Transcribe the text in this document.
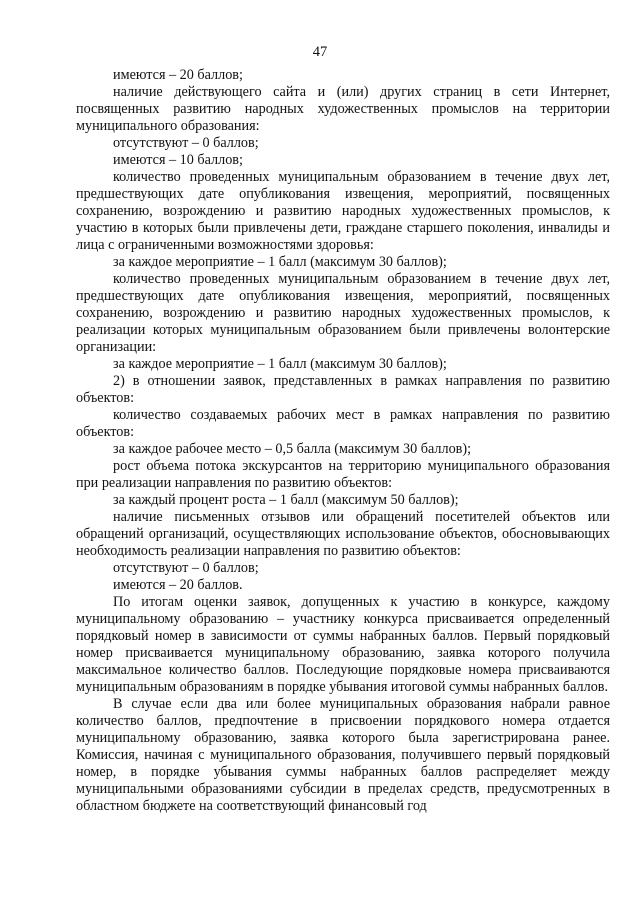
47

имеются – 20 баллов;

наличие действующего сайта и (или) других страниц в сети Интернет, посвященных развитию народных художественных промыслов на территории муниципального образования:

отсутствуют – 0 баллов;

имеются – 10 баллов;

количество проведенных муниципальным образованием в течение двух лет, предшествующих дате опубликования извещения, мероприятий, посвященных сохранению, возрождению и развитию народных художественных промыслов, к участию в которых были привлечены дети, граждане старшего поколения, инвалиды и лица с ограниченными возможностями здоровья:

за каждое мероприятие – 1 балл (максимум 30 баллов);

количество проведенных муниципальным образованием в течение двух лет, предшествующих дате опубликования извещения, мероприятий, посвященных сохранению, возрождению и развитию народных художественных промыслов, к реализации которых муниципальным образованием были привлечены волонтерские организации:

за каждое мероприятие – 1 балл (максимум 30 баллов);

2) в отношении заявок, представленных в рамках направления по развитию объектов:

количество создаваемых рабочих мест в рамках направления по развитию объектов:

за каждое рабочее место – 0,5 балла (максимум 30 баллов);

рост объема потока экскурсантов на территорию муниципального образования при реализации направления по развитию объектов:

за каждый процент роста – 1 балл (максимум 50 баллов);

наличие письменных отзывов или обращений посетителей объектов или обращений организаций, осуществляющих использование объектов, обосновывающих необходимость реализации направления по развитию объектов:

отсутствуют – 0 баллов;

имеются – 20 баллов.

По итогам оценки заявок, допущенных к участию в конкурсе, каждому муниципальному образованию – участнику конкурса присваивается определенный порядковый номер в зависимости от суммы набранных баллов. Первый порядковый номер присваивается муниципальному образованию, заявка которого получила максимальное количество баллов. Последующие порядковые номера присваиваются муниципальным образованиям в порядке убывания итоговой суммы набранных баллов.

В случае если два или более муниципальных образования набрали равное количество баллов, предпочтение в присвоении порядкового номера отдается муниципальному образованию, заявка которого была зарегистрирована ранее. Комиссия, начиная с муниципального образования, получившего первый порядковый номер, в порядке убывания суммы набранных баллов распределяет между муниципальными образованиями субсидии в пределах средств, предусмотренных в областном бюджете на соответствующий финансовый год
